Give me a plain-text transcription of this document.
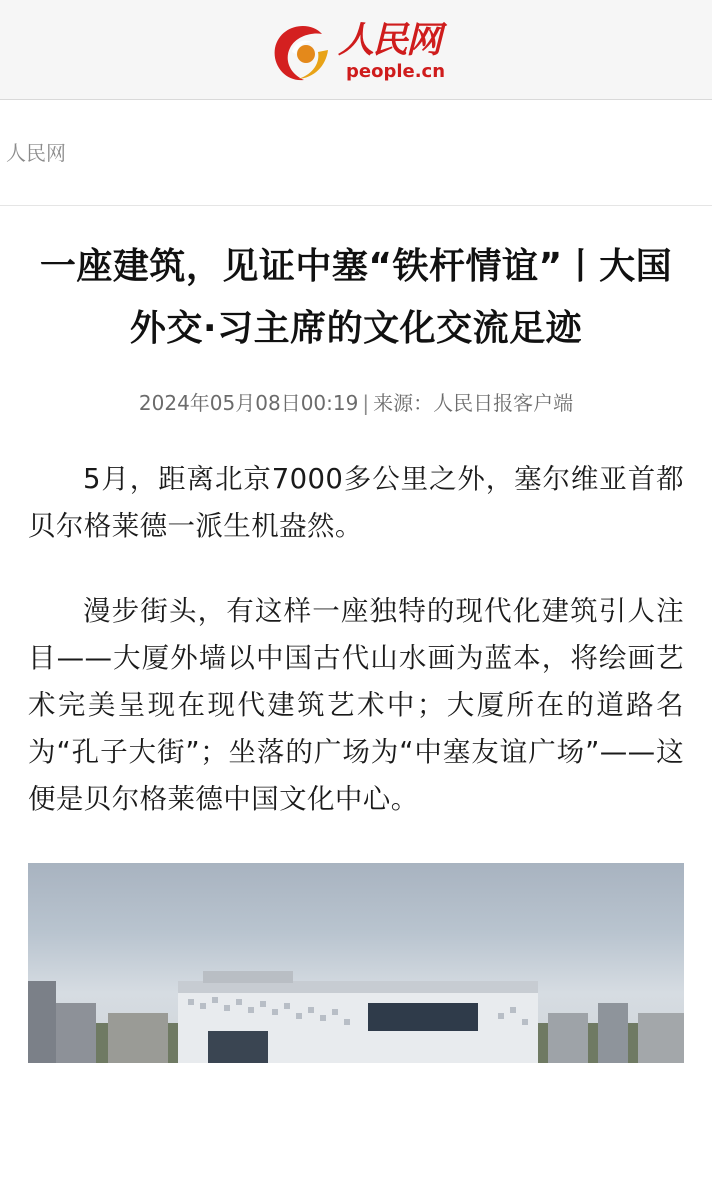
人民网
people.cn
人民网
一座建筑，见证中塞“铁杆情谊”丨大国外交·习主席的文化交流足迹
2024年05月08日00:19 | 来源：人民日报客户端

5月，距离北京7000多公里之外，塞尔维亚首都贝尔格莱德一派生机盎然。

漫步街头，有这样一座独特的现代化建筑引人注目——大厦外墙以中国古代山水画为蓝本，将绘画艺术完美呈现在现代建筑艺术中；大厦所在的道路名为“孔子大街”；坐落的广场为“中塞友谊广场”——这便是贝尔格莱德中国文化中心。
